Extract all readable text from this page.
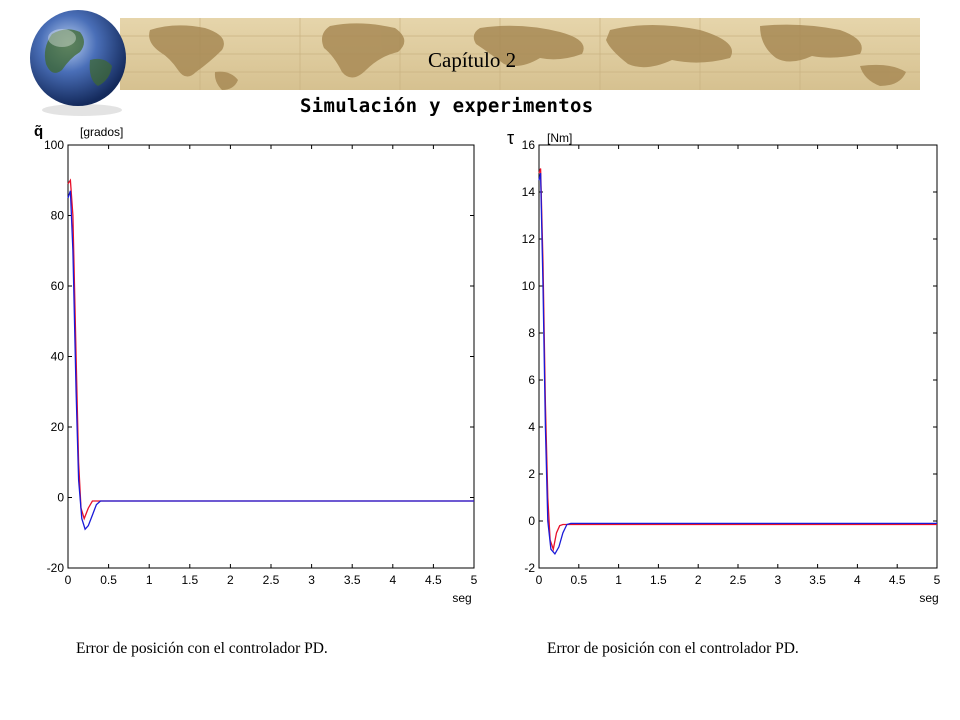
Capítulo 2
Simulación y experimentos
q̃	[grados]
seg
0 0.5 1 1.5 2 2.5 3 3.5 4 4.5 5
-20
0
20
40
60
80
100	τ	[Nm]
seg
0 0.5 1 1.5 2 2.5 3 3.5 4 4.5 5
-2
0
2
4
6
8
10
12
14
16
Error de posición con el controlador PD.	Error de posición con el controlador PD.
